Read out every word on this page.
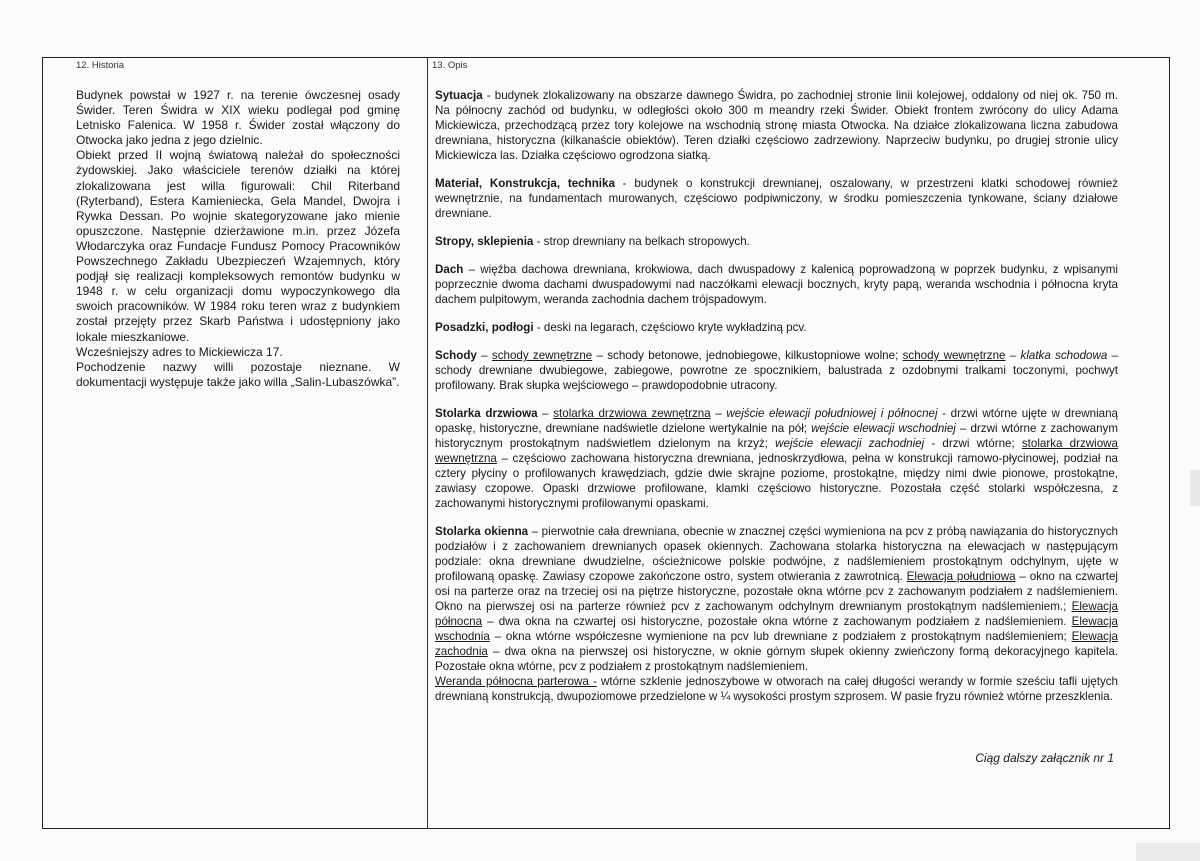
12. Historia

Budynek powstał w 1927 r. na terenie ówczesnej osady Świder. Teren Świdra w XIX wieku podlegał pod gminę Letnisko Falenica. W 1958 r. Świder został włączony do Otwocka jako jedna z jego dzielnic.

Obiekt przed II wojną światową należał do społeczności żydowskiej. Jako właściciele terenów działki na której zlokalizowana jest willa figurowali: Chil Riterband (Ryterband), Estera Kamieniecka, Gela Mandel, Dwojra i Rywka Dessan. Po wojnie skategoryzowane jako mienie opuszczone. Następnie dzierżawione m.in. przez Józefa Włodarczyka oraz Fundacje Fundusz Pomocy Pracowników Powszechnego Zakładu Ubezpieczeń Wzajemnych, który podjął się realizacji kompleksowych remontów budynku w 1948 r. w celu organizacji domu wypoczynkowego dla swoich pracowników. W 1984 roku teren wraz z budynkiem został przejęty przez Skarb Państwa i udostępniony jako lokale mieszkaniowe.

Wcześniejszy adres to Mickiewicza 17.

Pochodzenie nazwy willi pozostaje nieznane. W dokumentacji występuje także jako willa „Salin-Lubaszówka”.

13. Opis

Sytuacja - budynek zlokalizowany na obszarze dawnego Świdra, po zachodniej stronie linii kolejowej, oddalony od niej ok. 750 m. Na północny zachód od budynku, w odległości około 300 m meandry rzeki Świder. Obiekt frontem zwrócony do ulicy Adama Mickiewicza, przechodzącą przez tory kolejowe na wschodnią stronę miasta Otwocka. Na działce zlokalizowana liczna zabudowa drewniana, historyczna (kilkanaście obiektów). Teren działki częściowo zadrzewiony. Naprzeciw budynku, po drugiej stronie ulicy Mickiewicza las. Działka częściowo ogrodzona siatką.

Materiał, Konstrukcja, technika - budynek o konstrukcji drewnianej, oszalowany, w przestrzeni klatki schodowej również wewnętrznie, na fundamentach murowanych, częściowo podpiwniczony, w środku pomieszczenia tynkowane, ściany działowe drewniane.

Stropy, sklepienia - strop drewniany na belkach stropowych.

Dach – więźba dachowa drewniana, krokwiowa, dach dwuspadowy z kalenicą poprowadzoną w poprzek budynku, z wpisanymi poprzecznie dwoma dachami dwuspadowymi nad naczółkami elewacji bocznych, kryty papą, weranda wschodnia i północna kryta dachem pulpitowym, weranda zachodnia dachem trójspadowym.

Posadzki, podłogi - deski na legarach, częściowo kryte wykładziną pcv.

Schody – schody zewnętrzne – schody betonowe, jednobiegowe, kilkustopniowe wolne; schody wewnętrzne – klatka schodowa – schody drewniane dwubiegowe, zabiegowe, powrotne ze spocznikiem, balustrada z ozdobnymi tralkami toczonymi, pochwyt profilowany. Brak słupka wejściowego – prawdopodobnie utracony.

Stolarka drzwiowa – stolarka drzwiowa zewnętrzna – wejście elewacji południowej i północnej - drzwi wtórne ujęte w drewnianą opaskę, historyczne, drewniane nadświetle dzielone wertykalnie na pół; wejście elewacji wschodniej – drzwi wtórne z zachowanym historycznym prostokątnym nadświetlem dzielonym na krzyż; wejście elewacji zachodniej - drzwi wtórne; stolarka drzwiowa wewnętrzna – częściowo zachowana historyczna drewniana, jednoskrzydłowa, pełna w konstrukcji ramowo-płycinowej, podział na cztery płyciny o profilowanych krawędziach, gdzie dwie skrajne poziome, prostokątne, między nimi dwie pionowe, prostokątne, zawiasy czopowe. Opaski drzwiowe profilowane, klamki częściowo historyczne. Pozostała część stolarki współczesna, z zachowanymi historycznymi profilowanymi opaskami.

Stolarka okienna – pierwotnie cała drewniana, obecnie w znacznej części wymieniona na pcv z próbą nawiązania do historycznych podziałów i z zachowaniem drewnianych opasek okiennych. Zachowana stolarka historyczna na elewacjach w następującym podziale: okna drewniane dwudzielne, ościeżnicowe polskie podwójne, z nadślemieniem prostokątnym odchylnym, ujęte w profilowaną opaskę. Zawiasy czopowe zakończone ostro, system otwierania z zawrotnicą. Elewacja południowa – okno na czwartej osi na parterze oraz na trzeciej osi na piętrze historyczne, pozostałe okna wtórne pcv z zachowanym podziałem z nadślemieniem. Okno na pierwszej osi na parterze również pcv z zachowanym odchylnym drewnianym prostokątnym nadślemieniem.; Elewacja północna – dwa okna na czwartej osi historyczne, pozostałe okna wtórne z zachowanym podziałem z nadślemieniem. Elewacja wschodnia – okna wtórne współczesne wymienione na pcv lub drewniane z podziałem z prostokątnym nadślemieniem; Elewacja zachodnia – dwa okna na pierwszej osi historyczne, w oknie górnym słupek okienny zwieńczony formą dekoracyjnego kapitela. Pozostałe okna wtórne, pcv z podziałem z prostokątnym nadślemieniem.
Weranda północna parterowa - wtórne szklenie jednoszybowe w otworach na całej długości werandy w formie sześciu tafli ujętych drewnianą konstrukcją, dwupoziomowe przedzielone w ¼ wysokości prostym szprosem. W pasie fryzu również wtórne przeszklenia.

Ciąg dalszy załącznik nr 1
